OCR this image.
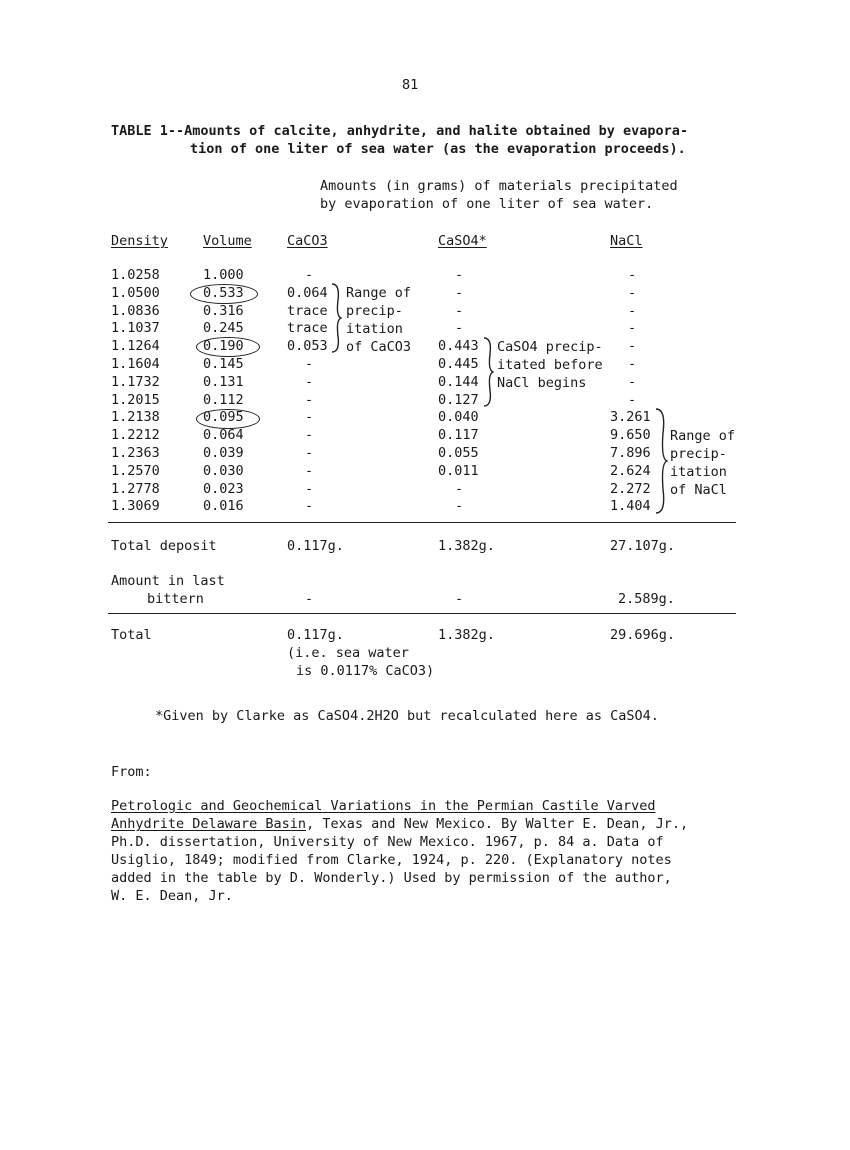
81
TABLE 1--Amounts of calcite, anhydrite, and halite obtained by evapora-
tion of one liter of sea water (as the evaporation proceeds).
Amounts (in grams) of materials precipitated
by evaporation of one liter of sea water.
Density	Volume	CaCO3	CaSO4*	NaCl
1.0258	1.000	-	-	-
1.0500	0.533	0.064	-	-
1.0836	0.316	trace	-	-
1.1037	0.245	trace	-	-
1.1264	0.190	0.053	0.443	-
1.1604	0.145	-	0.445	-
1.1732	0.131	-	0.144	-
1.2015	0.112	-	0.127	-
1.2138	0.095	-	0.040	3.261
1.2212	0.064	-	0.117	9.650
1.2363	0.039	-	0.055	7.896
1.2570	0.030	-	0.011	2.624
1.2778	0.023	-	-	2.272
1.3069	0.016	-	-	1.404
Range of
precip-
itation
of CaCO3	CaSO4 precip-
itated before
NaCl begins
Range of
precip-
itation
of NaCl
Total deposit	0.117g.	1.382g.	27.107g.
Amount in last
bittern	-	-	2.589g.
Total	0.117g.	1.382g.	29.696g.
(i.e. sea water
is 0.0117% CaCO3)
*Given by Clarke as CaSO4.2H2O but recalculated here as CaSO4.
From:
Petrologic and Geochemical Variations in the Permian Castile Varved
Anhydrite Delaware Basin, Texas and New Mexico. By Walter E. Dean, Jr.,
Ph.D. dissertation, University of New Mexico. 1967, p. 84 a. Data of
Usiglio, 1849; modified from Clarke, 1924, p. 220. (Explanatory notes
added in the table by D. Wonderly.) Used by permission of the author,
W. E. Dean, Jr.
